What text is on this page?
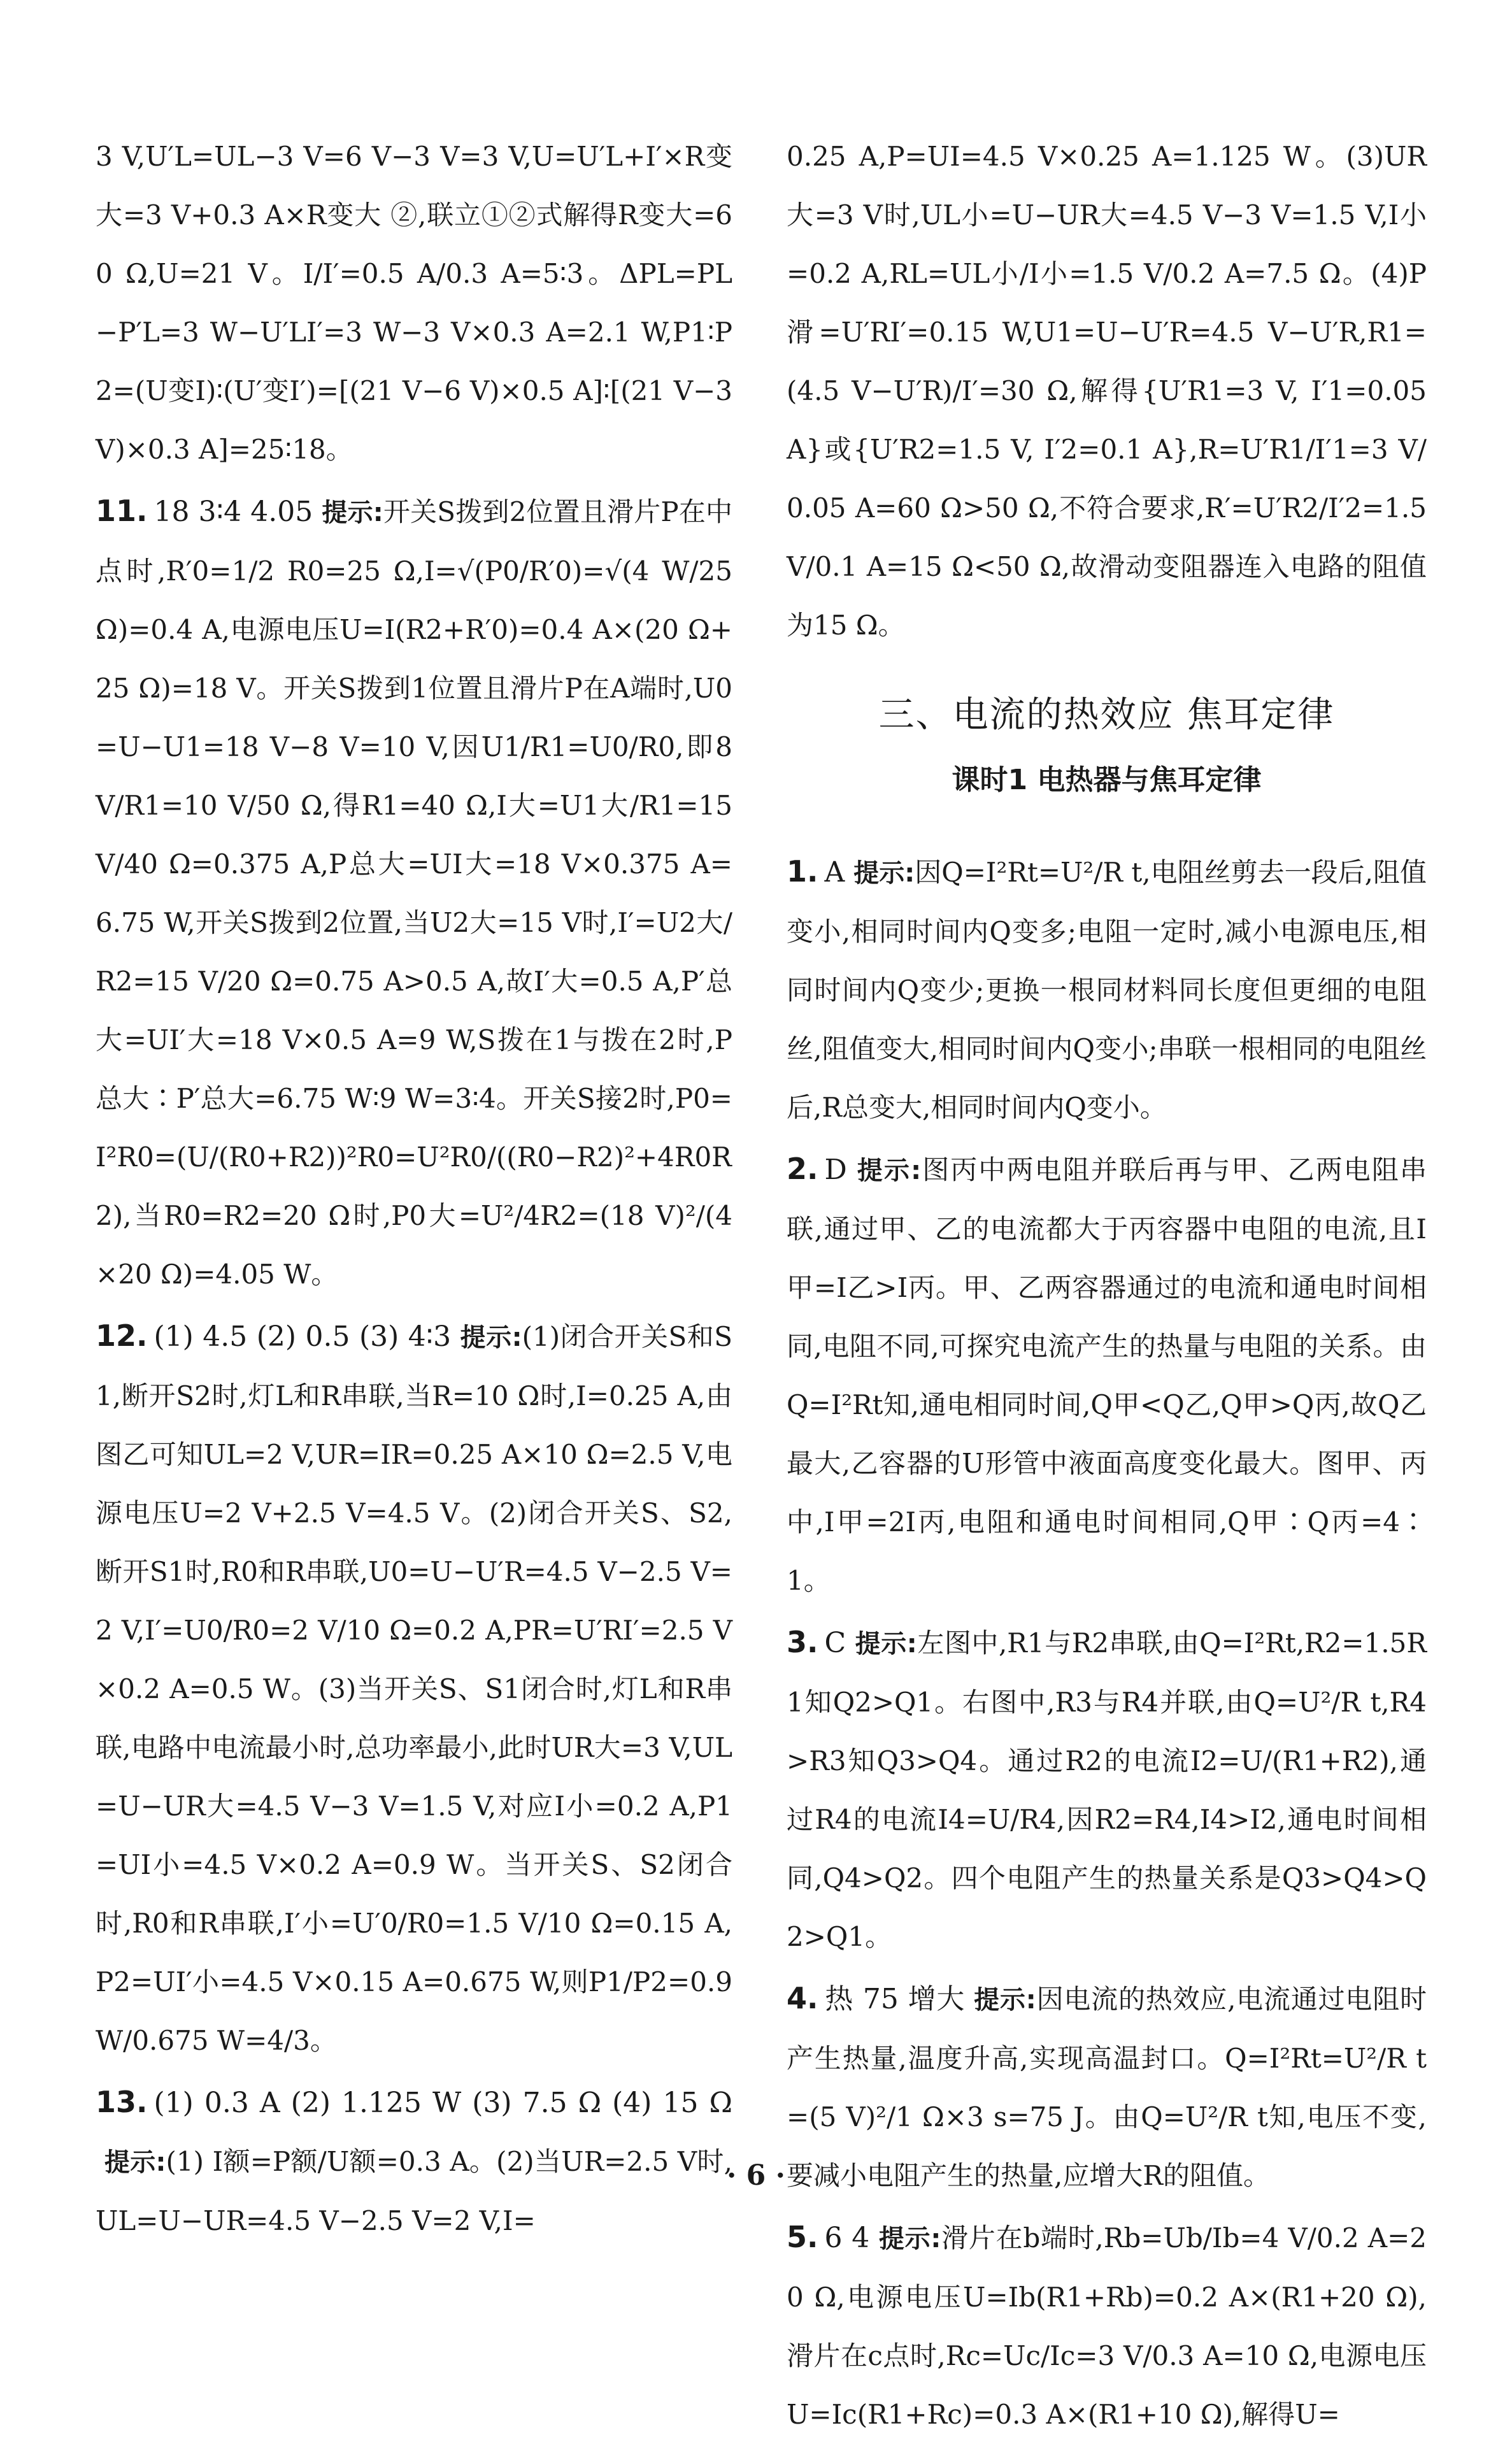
3 V,U′L=UL−3 V=6 V−3 V=3 V,U=U′L+I′×R变大=3 V+0.3 A×R变大 ②,联立①②式解得R变大=60 Ω,U=21 V。I/I′=0.5 A/0.3 A=5∶3。ΔPL=PL−P′L=3 W−U′LI′=3 W−3 V×0.3 A=2.1 W,P1∶P2=(U变I)∶(U′变I′)=[(21 V−6 V)×0.5 A]∶[(21 V−3 V)×0.3 A]=25∶18。

11. 18 3∶4 4.05 提示:开关S拨到2位置且滑片P在中点时,R′0=1/2 R0=25 Ω,I=√(P0/R′0)=√(4 W/25 Ω)=0.4 A,电源电压U=I(R2+R′0)=0.4 A×(20 Ω+25 Ω)=18 V。开关S拨到1位置且滑片P在A端时,U0=U−U1=18 V−8 V=10 V,因U1/R1=U0/R0,即8 V/R1=10 V/50 Ω,得R1=40 Ω,I大=U1大/R1=15 V/40 Ω=0.375 A,P总大=UI大=18 V×0.375 A=6.75 W,开关S拨到2位置,当U2大=15 V时,I′=U2大/R2=15 V/20 Ω=0.75 A>0.5 A,故I′大=0.5 A,P′总大=UI′大=18 V×0.5 A=9 W,S拨在1与拨在2时,P总大∶P′总大=6.75 W∶9 W=3∶4。开关S接2时,P0=I²R0=(U/(R0+R2))²R0=U²R0/((R0−R2)²+4R0R2),当R0=R2=20 Ω时,P0大=U²/4R2=(18 V)²/(4×20 Ω)=4.05 W。

12. (1) 4.5 (2) 0.5 (3) 4∶3 提示:(1)闭合开关S和S1,断开S2时,灯L和R串联,当R=10 Ω时,I=0.25 A,由图乙可知UL=2 V,UR=IR=0.25 A×10 Ω=2.5 V,电源电压U=2 V+2.5 V=4.5 V。(2)闭合开关S、S2,断开S1时,R0和R串联,U0=U−U′R=4.5 V−2.5 V=2 V,I′=U0/R0=2 V/10 Ω=0.2 A,PR=U′RI′=2.5 V×0.2 A=0.5 W。(3)当开关S、S1闭合时,灯L和R串联,电路中电流最小时,总功率最小,此时UR大=3 V,UL=U−UR大=4.5 V−3 V=1.5 V,对应I小=0.2 A,P1=UI小=4.5 V×0.2 A=0.9 W。当开关S、S2闭合时,R0和R串联,I′小=U′0/R0=1.5 V/10 Ω=0.15 A,P2=UI′小=4.5 V×0.15 A=0.675 W,则P1/P2=0.9 W/0.675 W=4/3。

13. (1) 0.3 A (2) 1.125 W (3) 7.5 Ω (4) 15 Ω提示:(1) I额=P额/U额=0.3 A。(2)当UR=2.5 V时,UL=U−UR=4.5 V−2.5 V=2 V,I=

0.25 A,P=UI=4.5 V×0.25 A=1.125 W。(3)UR大=3 V时,UL小=U−UR大=4.5 V−3 V=1.5 V,I小=0.2 A,RL=UL小/I小=1.5 V/0.2 A=7.5 Ω。(4)P滑=U′RI′=0.15 W,U1=U−U′R=4.5 V−U′R,R1=(4.5 V−U′R)/I′=30 Ω,解得{U′R1=3 V, I′1=0.05 A}或{U′R2=1.5 V, I′2=0.1 A},R=U′R1/I′1=3 V/0.05 A=60 Ω>50 Ω,不符合要求,R′=U′R2/I′2=1.5 V/0.1 A=15 Ω<50 Ω,故滑动变阻器连入电路的阻值为15 Ω。

三、电流的热效应 焦耳定律
课时1 电热器与焦耳定律

1. A 提示:因Q=I²Rt=U²/R t,电阻丝剪去一段后,阻值变小,相同时间内Q变多;电阻一定时,减小电源电压,相同时间内Q变少;更换一根同材料同长度但更细的电阻丝,阻值变大,相同时间内Q变小;串联一根相同的电阻丝后,R总变大,相同时间内Q变小。

2. D 提示:图丙中两电阻并联后再与甲、乙两电阻串联,通过甲、乙的电流都大于丙容器中电阻的电流,且I甲=I乙>I丙。甲、乙两容器通过的电流和通电时间相同,电阻不同,可探究电流产生的热量与电阻的关系。由Q=I²Rt知,通电相同时间,Q甲<Q乙,Q甲>Q丙,故Q乙最大,乙容器的U形管中液面高度变化最大。图甲、丙中,I甲=2I丙,电阻和通电时间相同,Q甲∶Q丙=4∶1。

3. C 提示:左图中,R1与R2串联,由Q=I²Rt,R2=1.5R1知Q2>Q1。右图中,R3与R4并联,由Q=U²/R t,R4>R3知Q3>Q4。通过R2的电流I2=U/(R1+R2),通过R4的电流I4=U/R4,因R2=R4,I4>I2,通电时间相同,Q4>Q2。四个电阻产生的热量关系是Q3>Q4>Q2>Q1。

4. 热 75 增大 提示:因电流的热效应,电流通过电阻时产生热量,温度升高,实现高温封口。Q=I²Rt=U²/R t=(5 V)²/1 Ω×3 s=75 J。由Q=U²/R t知,电压不变,要减小电阻产生的热量,应增大R的阻值。

5. 6 4 提示:滑片在b端时,Rb=Ub/Ib=4 V/0.2 A=20 Ω,电源电压U=Ib(R1+Rb)=0.2 A×(R1+20 Ω),滑片在c点时,Rc=Uc/Ic=3 V/0.3 A=10 Ω,电源电压U=Ic(R1+Rc)=0.3 A×(R1+10 Ω),解得U=

· 6 ·
